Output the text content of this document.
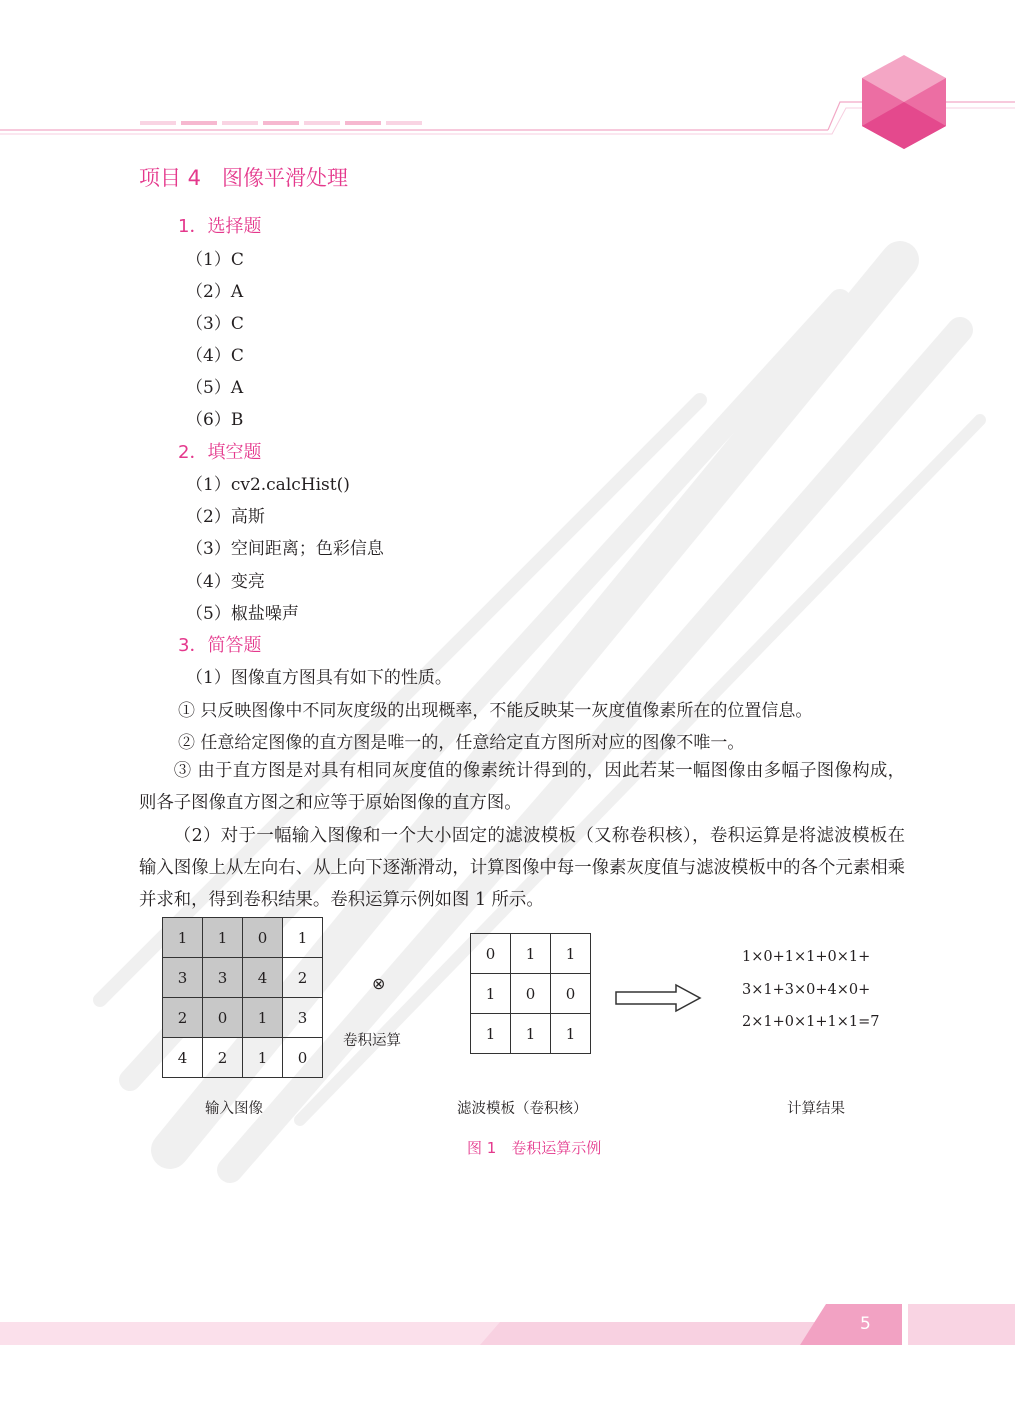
项目 4　图像平滑处理
1．选择题
（1）C
（2）A
（3）C
（4）C
（5）A
（6）B
2．填空题
（1）cv2.calcHist()
（2）高斯
（3）空间距离；色彩信息
（4）变亮
（5）椒盐噪声
3．简答题
（1）图像直方图具有如下的性质。
① 只反映图像中不同灰度级的出现概率，不能反映某一灰度值像素所在的位置信息。
② 任意给定图像的直方图是唯一的，任意给定直方图所对应的图像不唯一。
③ 由于直方图是对具有相同灰度值的像素统计得到的，因此若某一幅图像由多幅子图像构成，则各子图像直方图之和应等于原始图像的直方图。
（2）对于一幅输入图像和一个大小固定的滤波模板（又称卷积核），卷积运算是将滤波模板在输入图像上从左向右、从上向下逐渐滑动，计算图像中每一像素灰度值与滤波模板中的各个元素相乘并求和，得到卷积结果。卷积运算示例如图 1 所示。
1	1	0	1
3	3	4	2
2	0	1	3
4	2	1	0
⊗
卷积运算
0	1	1
1	0	0
1	1	1
1×0+1×1+0×1+
3×1+3×0+4×0+
2×1+0×1+1×1=7
输入图像	滤波模板（卷积核）	计算结果
图 1　卷积运算示例
5
